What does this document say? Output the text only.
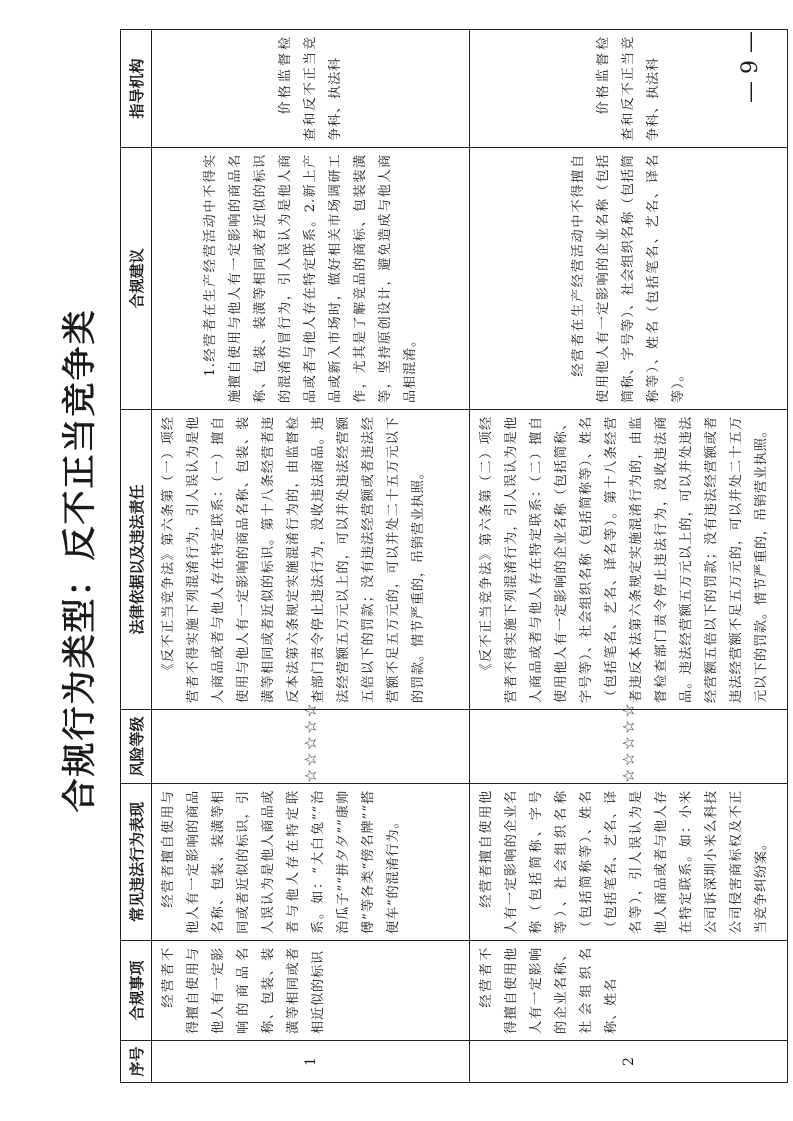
合规行为类型：反不正当竞争类
序号	合规事项	常见违法行为表现	风险等级	法律依据以及违法责任	合规建议	指导机构
1	经营者不得擅自使用与他人有一定影响的商品名称、包装、装潢等相同或者相近似的标识	经营者擅自使用与他人有一定影响的商品名称、包装、装潢等相同或者近似的标识，引人误认为是他人商品或者与他人存在特定联系。如：“大白兔”“治治瓜子”“拼夕夕”“康帅傅”等各类“傍名牌”“搭便车”的混淆行为。	☆☆☆☆☆	《反不正当竞争法》第六条第（一）项经营者不得实施下列混淆行为，引人误认为是他人商品或者与他人存在特定联系：（一）擅自使用与他人有一定影响的商品名称、包装、装潢等相同或者近似的标识。第十八条经营者违反本法第六条规定实施混淆行为的，由监督检查部门责令停止违法行为，没收违法商品。违法经营额五万元以上的，可以并处违法经营额五倍以下的罚款；没有违法经营额或者违法经营额不足五万元的，可以并处二十五万元以下的罚款。情节严重的，吊销营业执照。	1.经营者在生产经营活动中不得实施擅自使用与他人有一定影响的商品名称、包装、装潢等相同或者近似的标识的混淆仿冒行为，引人误认为是他人商品或者与他人存在特定联系。2.新上产品或新入市场时，做好相关市场调研工作，尤其是了解竞品的商标、包装装潢等，坚持原创设计，避免造成与他人商品相混淆。	价格监督检查和反不正当竞争科、执法科

2	经营者不得擅自使用他人有一定影响的企业名称、社会组织名称、姓名	经营者擅自使用他人有一定影响的企业名称（包括简称、字号等）、社会组织名称（包括简称等）、姓名（包括笔名、艺名、译名等），引人误认为是他人商品或者与他人存在特定联系。如：小米公司诉深圳小米么科技公司侵害商标权及不正当竞争纠纷案。	☆☆☆☆☆	《反不正当竞争法》第六条第（二）项经营者不得实施下列混淆行为，引人误认为是他人商品或者与他人存在特定联系：（二）擅自使用他人有一定影响的企业名称（包括简称、字号等）、社会组织名称（包括简称等）、姓名（包括笔名、艺名、译名等）。第十八条经营者违反本法第六条规定实施混淆行为的，由监督检查部门责令停止违法行为，没收违法商品。违法经营额五万元以上的，可以并处违法经营额五倍以下的罚款；没有违法经营额或者违法经营额不足五万元的，可以并处二十五万元以下的罚款。情节严重的，吊销营业执照。	经营者在生产经营活动中不得擅自使用他人有一定影响的企业名称（包括简称、字号等）、社会组织名称（包括简称等）、姓名（包括笔名、艺名、译名等）。	价格监督检查和反不正当竞争科、执法科	— 9 —
